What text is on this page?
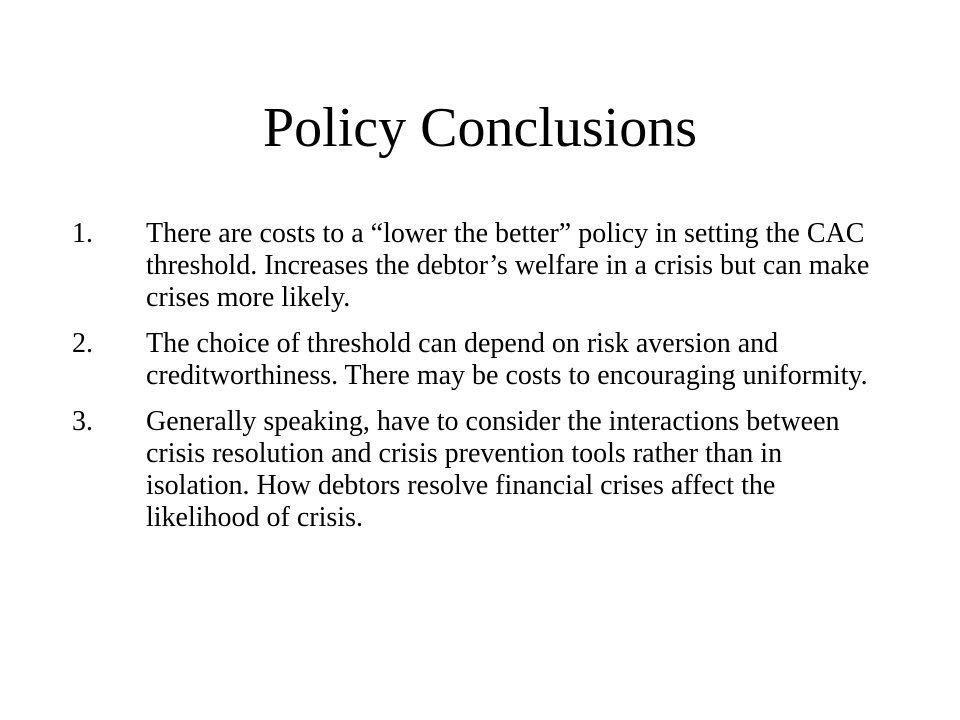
Policy Conclusions
1. There are costs to a “lower the better” policy in setting the CAC threshold. Increases the debtor’s welfare in a crisis but can make crises more likely.
2. The choice of threshold can depend on risk aversion and creditworthiness. There may be costs to encouraging uniformity.
3. Generally speaking, have to consider the interactions between crisis resolution and crisis prevention tools rather than in isolation. How debtors resolve financial crises affect the likelihood of crisis.
